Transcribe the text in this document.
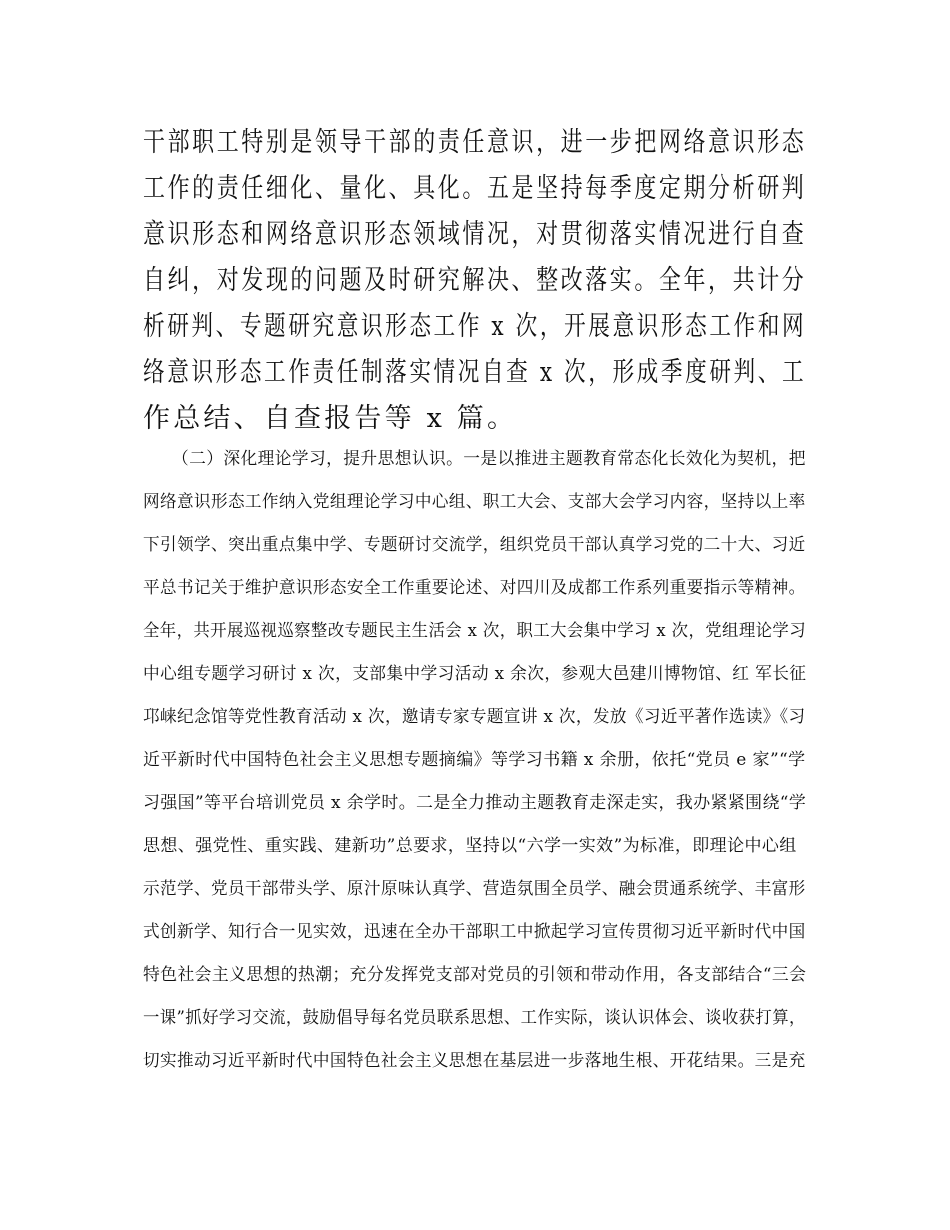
干部职工特别是领导干部的责任意识，进一步把网络意识形态
工作的责任细化、量化、具化。五是坚持每季度定期分析研判
意识形态和网络意识形态领域情况，对贯彻落实情况进行自查
自纠，对发现的问题及时研究解决、整改落实。全年，共计分
析研判、专题研究意识形态工作 x 次，开展意识形态工作和网
络意识形态工作责任制落实情况自查 x 次，形成季度研判、工
作总结、自查报告等 x 篇。
（二）深化理论学习，提升思想认识。一是以推进主题教育常态化长效化为契机，把
网络意识形态工作纳入党组理论学习中心组、职工大会、支部大会学习内容，坚持以上率
下引领学、突出重点集中学、专题研讨交流学，组织党员干部认真学习党的二十大、习近
平总书记关于维护意识形态安全工作重要论述、对四川及成都工作系列重要指示等精神。
全年，共开展巡视巡察整改专题民主生活会 x 次，职工大会集中学习 x 次，党组理论学习
中心组专题学习研讨 x 次，支部集中学习活动 x 余次，参观大邑建川博物馆、红 军长征
邛崃纪念馆等党性教育活动 x 次，邀请专家专题宣讲 x 次，发放《习近平著作选读》《习
近平新时代中国特色社会主义思想专题摘编》等学习书籍 x 余册，依托“党员 e 家”“学
习强国”等平台培训党员 x 余学时。二是全力推动主题教育走深走实，我办紧紧围绕“学
思想、强党性、重实践、建新功”总要求，坚持以“六学一实效”为标准，即理论中心组
示范学、党员干部带头学、原汁原味认真学、营造氛围全员学、融会贯通系统学、丰富形
式创新学、知行合一见实效，迅速在全办干部职工中掀起学习宣传贯彻习近平新时代中国
特色社会主义思想的热潮；充分发挥党支部对党员的引领和带动作用，各支部结合“三会
一课”抓好学习交流，鼓励倡导每名党员联系思想、工作实际，谈认识体会、谈收获打算，
切实推动习近平新时代中国特色社会主义思想在基层进一步落地生根、开花结果。三是充
